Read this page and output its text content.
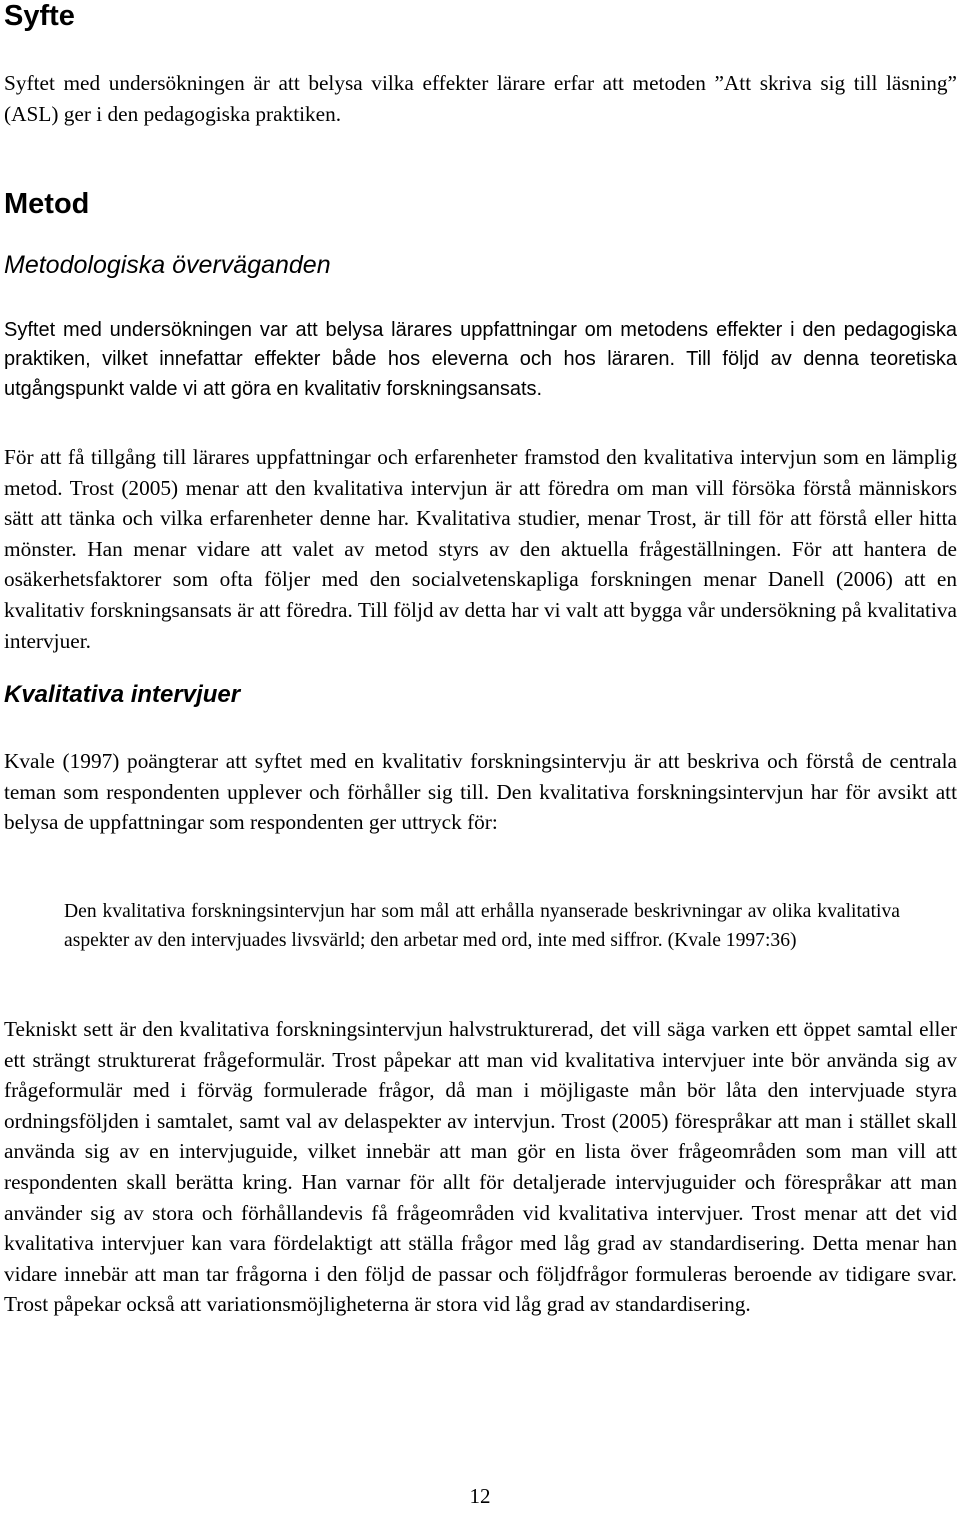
Syfte

Syftet med undersökningen är att belysa vilka effekter lärare erfar att metoden ”Att skriva sig till läsning” (ASL) ger i den pedagogiska praktiken.

Metod
Metodologiska överväganden

Syftet med undersökningen var att belysa lärares uppfattningar om metodens effekter i den pedagogiska praktiken, vilket innefattar effekter både hos eleverna och hos läraren. Till följd av denna teoretiska utgångspunkt valde vi att göra en kvalitativ forskningsansats.

För att få tillgång till lärares uppfattningar och erfarenheter framstod den kvalitativa intervjun som en lämplig metod. Trost (2005) menar att den kvalitativa intervjun är att föredra om man vill försöka förstå människors sätt att tänka och vilka erfarenheter denne har. Kvalitativa studier, menar Trost, är till för att förstå eller hitta mönster. Han menar vidare att valet av metod styrs av den aktuella frågeställningen. För att hantera de osäkerhetsfaktorer som ofta följer med den socialvetenskapliga forskningen menar Danell (2006) att en kvalitativ forskningsansats är att föredra. Till följd av detta har vi valt att bygga vår undersökning på kvalitativa intervjuer.

Kvalitativa intervjuer

Kvale (1997) poängterar att syftet med en kvalitativ forskningsintervju är att beskriva och förstå de centrala teman som respondenten upplever och förhåller sig till. Den kvalitativa forskningsintervjun har för avsikt att belysa de uppfattningar som respondenten ger uttryck för:

Den kvalitativa forskningsintervjun har som mål att erhålla nyanserade beskrivningar av olika kvalitativa aspekter av den intervjuades livsvärld; den arbetar med ord, inte med siffror. (Kvale 1997:36)

Tekniskt sett är den kvalitativa forskningsintervjun halvstrukturerad, det vill säga varken ett öppet samtal eller ett strängt strukturerat frågeformulär. Trost påpekar att man vid kvalitativa intervjuer inte bör använda sig av frågeformulär med i förväg formulerade frågor, då man i möjligaste mån bör låta den intervjuade styra ordningsföljden i samtalet, samt val av delaspekter av intervjun. Trost (2005) förespråkar att man i stället skall använda sig av en intervjuguide, vilket innebär att man gör en lista över frågeområden som man vill att respondenten skall berätta kring. Han varnar för allt för detaljerade intervjuguider och förespråkar att man använder sig av stora och förhållandevis få frågeområden vid kvalitativa intervjuer. Trost menar att det vid kvalitativa intervjuer kan vara fördelaktigt att ställa frågor med låg grad av standardisering. Detta menar han vidare innebär att man tar frågorna i den följd de passar och följdfrågor formuleras beroende av tidigare svar. Trost påpekar också att variationsmöjligheterna är stora vid låg grad av standardisering.

12
